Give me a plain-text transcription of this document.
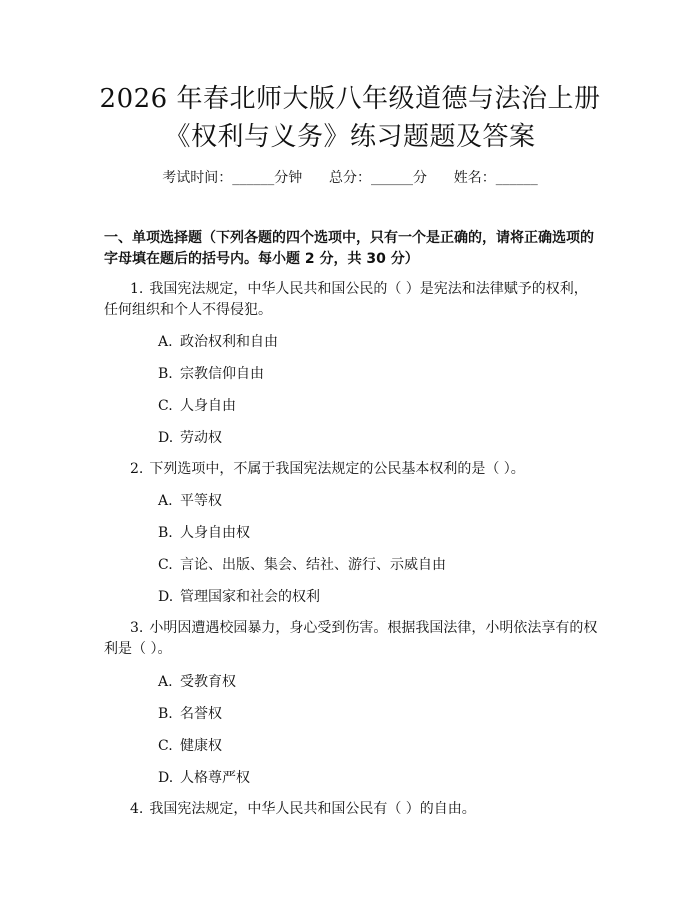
2026 年春北师大版八年级道德与法治上册
《权利与义务》练习题题及答案
考试时间：______分钟 总分：______分 姓名：______
一、单项选择题（下列各题的四个选项中，只有一个是正确的，请将正确选项的字母填在题后的括号内。每小题 2 分，共 30 分）
1. 我国宪法规定，中华人民共和国公民的（ ）是宪法和法律赋予的权利，任何组织和个人不得侵犯。
A. 政治权利和自由
B. 宗教信仰自由
C. 人身自由
D. 劳动权
2. 下列选项中，不属于我国宪法规定的公民基本权利的是（ ）。
A. 平等权
B. 人身自由权
C. 言论、出版、集会、结社、游行、示威自由
D. 管理国家和社会的权利
3. 小明因遭遇校园暴力，身心受到伤害。根据我国法律，小明依法享有的权利是（ ）。
A. 受教育权
B. 名誉权
C. 健康权
D. 人格尊严权
4. 我国宪法规定，中华人民共和国公民有（ ）的自由。
